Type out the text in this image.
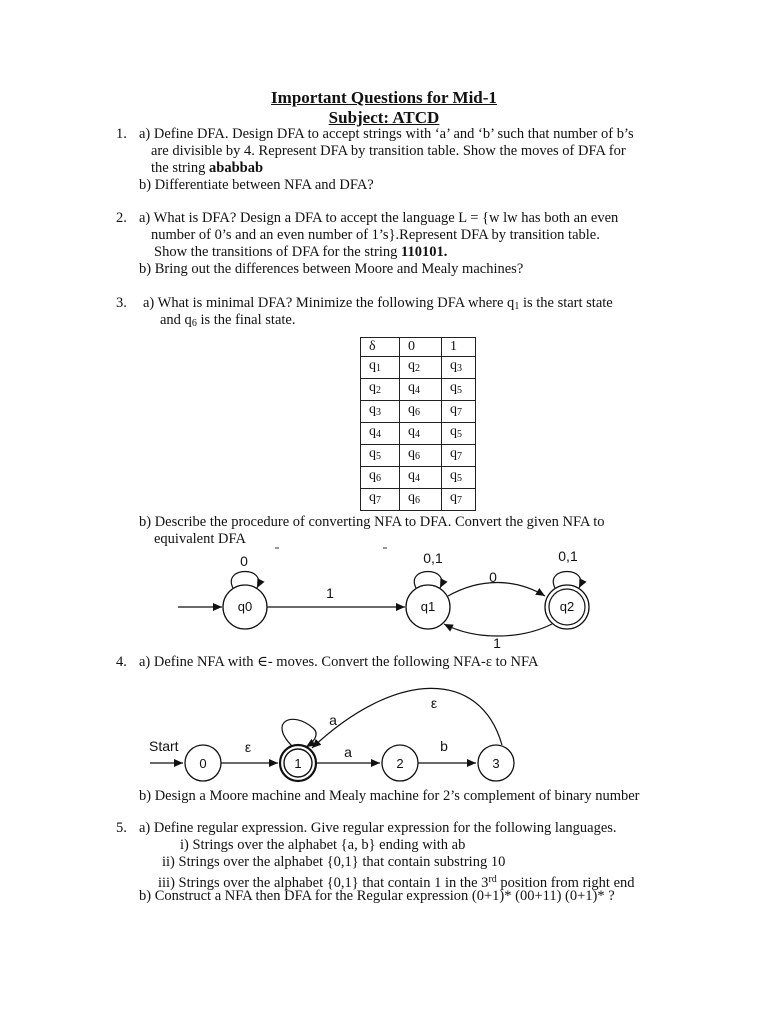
Important Questions for Mid-1
Subject: ATCD
1. a) Define DFA. Design DFA to accept strings with ‘a’ and ‘b’ such that number of b’s
are divisible by 4. Represent DFA by transition table. Show the moves of DFA for
the string ababbab
b) Differentiate between NFA and DFA?
2. a) What is DFA? Design a DFA to accept the language L = {w lw has both an even
number of 0’s and an even number of 1’s}.Represent DFA by transition table.
Show the transitions of DFA for the string 110101.
b) Bring out the differences between Moore and Mealy machines?
3. a) What is minimal DFA? Minimize the following DFA where $q_1$ is the start state
and $q_6$ is the final state.
δ	0	1
$q_1$	$q_2$	$q_3$
$q_2$	$q_4$	$q_5$
$q_3$	$q_6$	$q_7$
$q_4$	$q_4$	$q_5$
$q_5$	$q_6$	$q_7$
$q_6$	$q_4$	$q_5$
$q_7$	$q_6$	$q_7$
b) Describe the procedure of converting NFA to DFA. Convert the given NFA to
equivalent DFA
4. a) Define NFA with ∈- moves. Convert the following NFA-ε to NFA
b) Design a Moore machine and Mealy machine for 2’s complement of binary number
5. a) Define regular expression. Give regular expression for the following languages.
i) Strings over the alphabet {a, b} ending with ab
ii) Strings over the alphabet {0,1} that contain substring 10
iii) Strings over the alphabet {0,1} that contain 1 in the 3rd position from right end
b) Construct a NFA then DFA for the Regular expression (0+1)* (00+11) (0+1)* ?
q0
0
1
q1
0,1
0
q2
0,1
1
Start
0
ε
1
a
a
2
b
3
ε
